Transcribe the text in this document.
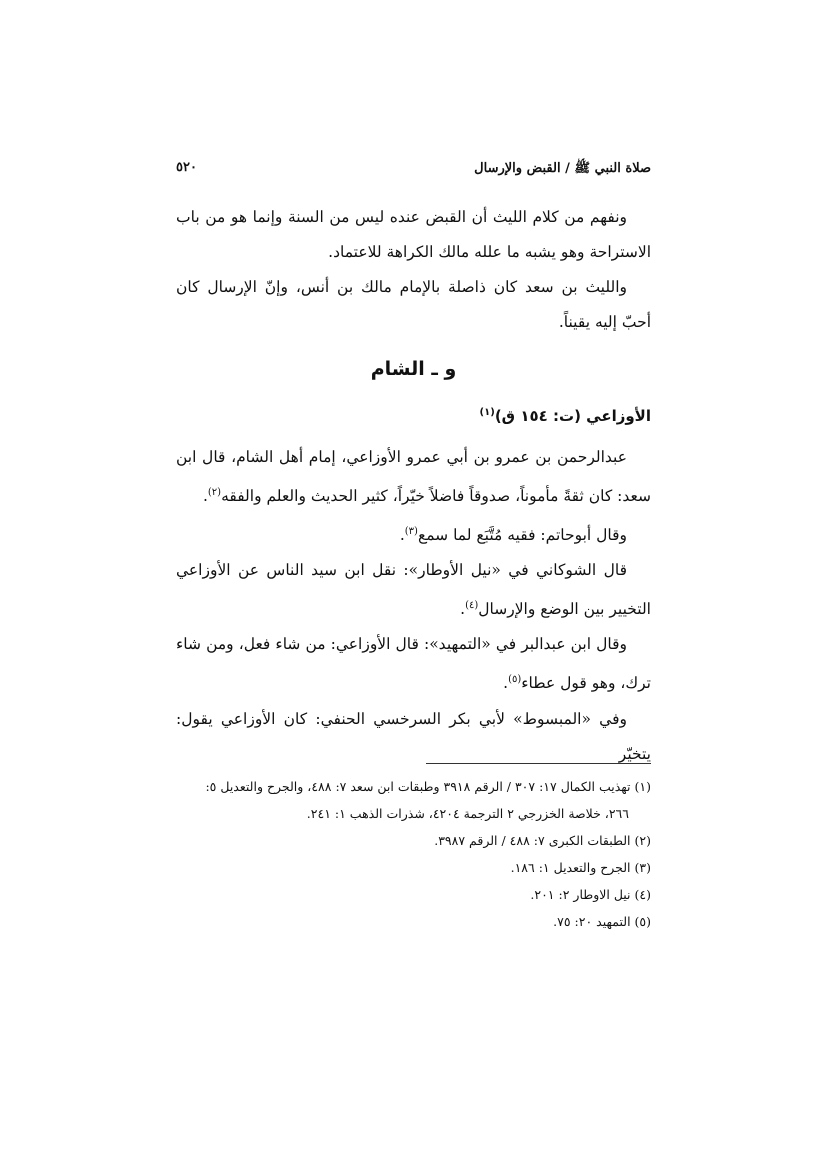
صلاة النبي ﷺ / القبض والإرسال
٥٢٠

ونفهم من كلام الليث أن القبض عنده ليس من السنة وإنما هو من باب الاستراحة وهو يشبه ما علله مالك الكراهة للاعتماد.

والليث بن سعد كان ذاصلة بالإمام مالك بن أنس، وإنّ الإرسال كان أحبّ إليه يقيناً.

و ـ الشام
الأوزاعي (ت: ١٥٤ ق)$^{(١)}$

عبدالرحمن بن عمرو بن أبي عمرو الأوزاعي، إمام أهل الشام، قال ابن سعد: كان ثقةً مأموناً، صدوقاً فاضلاً خيّراً، كثير الحديث والعلم والفقه$^{(٢)}$.

وقال أبوحاتم: فقيه مُتَّبَع لما سمع$^{(٣)}$.

قال الشوكاني في «نيل الأوطار»: نقل ابن سيد الناس عن الأوزاعي التخيير بين الوضع والإرسال$^{(٤)}$.

وقال ابن عبدالبر في «التمهيد»: قال الأوزاعي: من شاء فعل، ومن شاء ترك، وهو قول عطاء$^{(٥)}$.

وفي «المبسوط» لأبي بكر السرخسي الحنفي: كان الأوزاعي يقول: يتخيّر

(١) تهذيب الكمال ١٧: ٣٠٧ / الرقم ٣٩١٨ وطبقات ابن سعد ٧: ٤٨٨، والجرح والتعديل ٥:
٢٦٦، خلاصة الخزرجي ٢ الترجمة ٤٢٠٤، شذرات الذهب ١: ٢٤١.

(٢) الطبقات الكبرى ٧: ٤٨٨ / الرقم ٣٩٨٧.

(٣) الجرح والتعديل ١: ١٨٦.

(٤) نيل الاوطار ٢: ٢٠١.

(٥) التمهيد ٢٠: ٧٥.
